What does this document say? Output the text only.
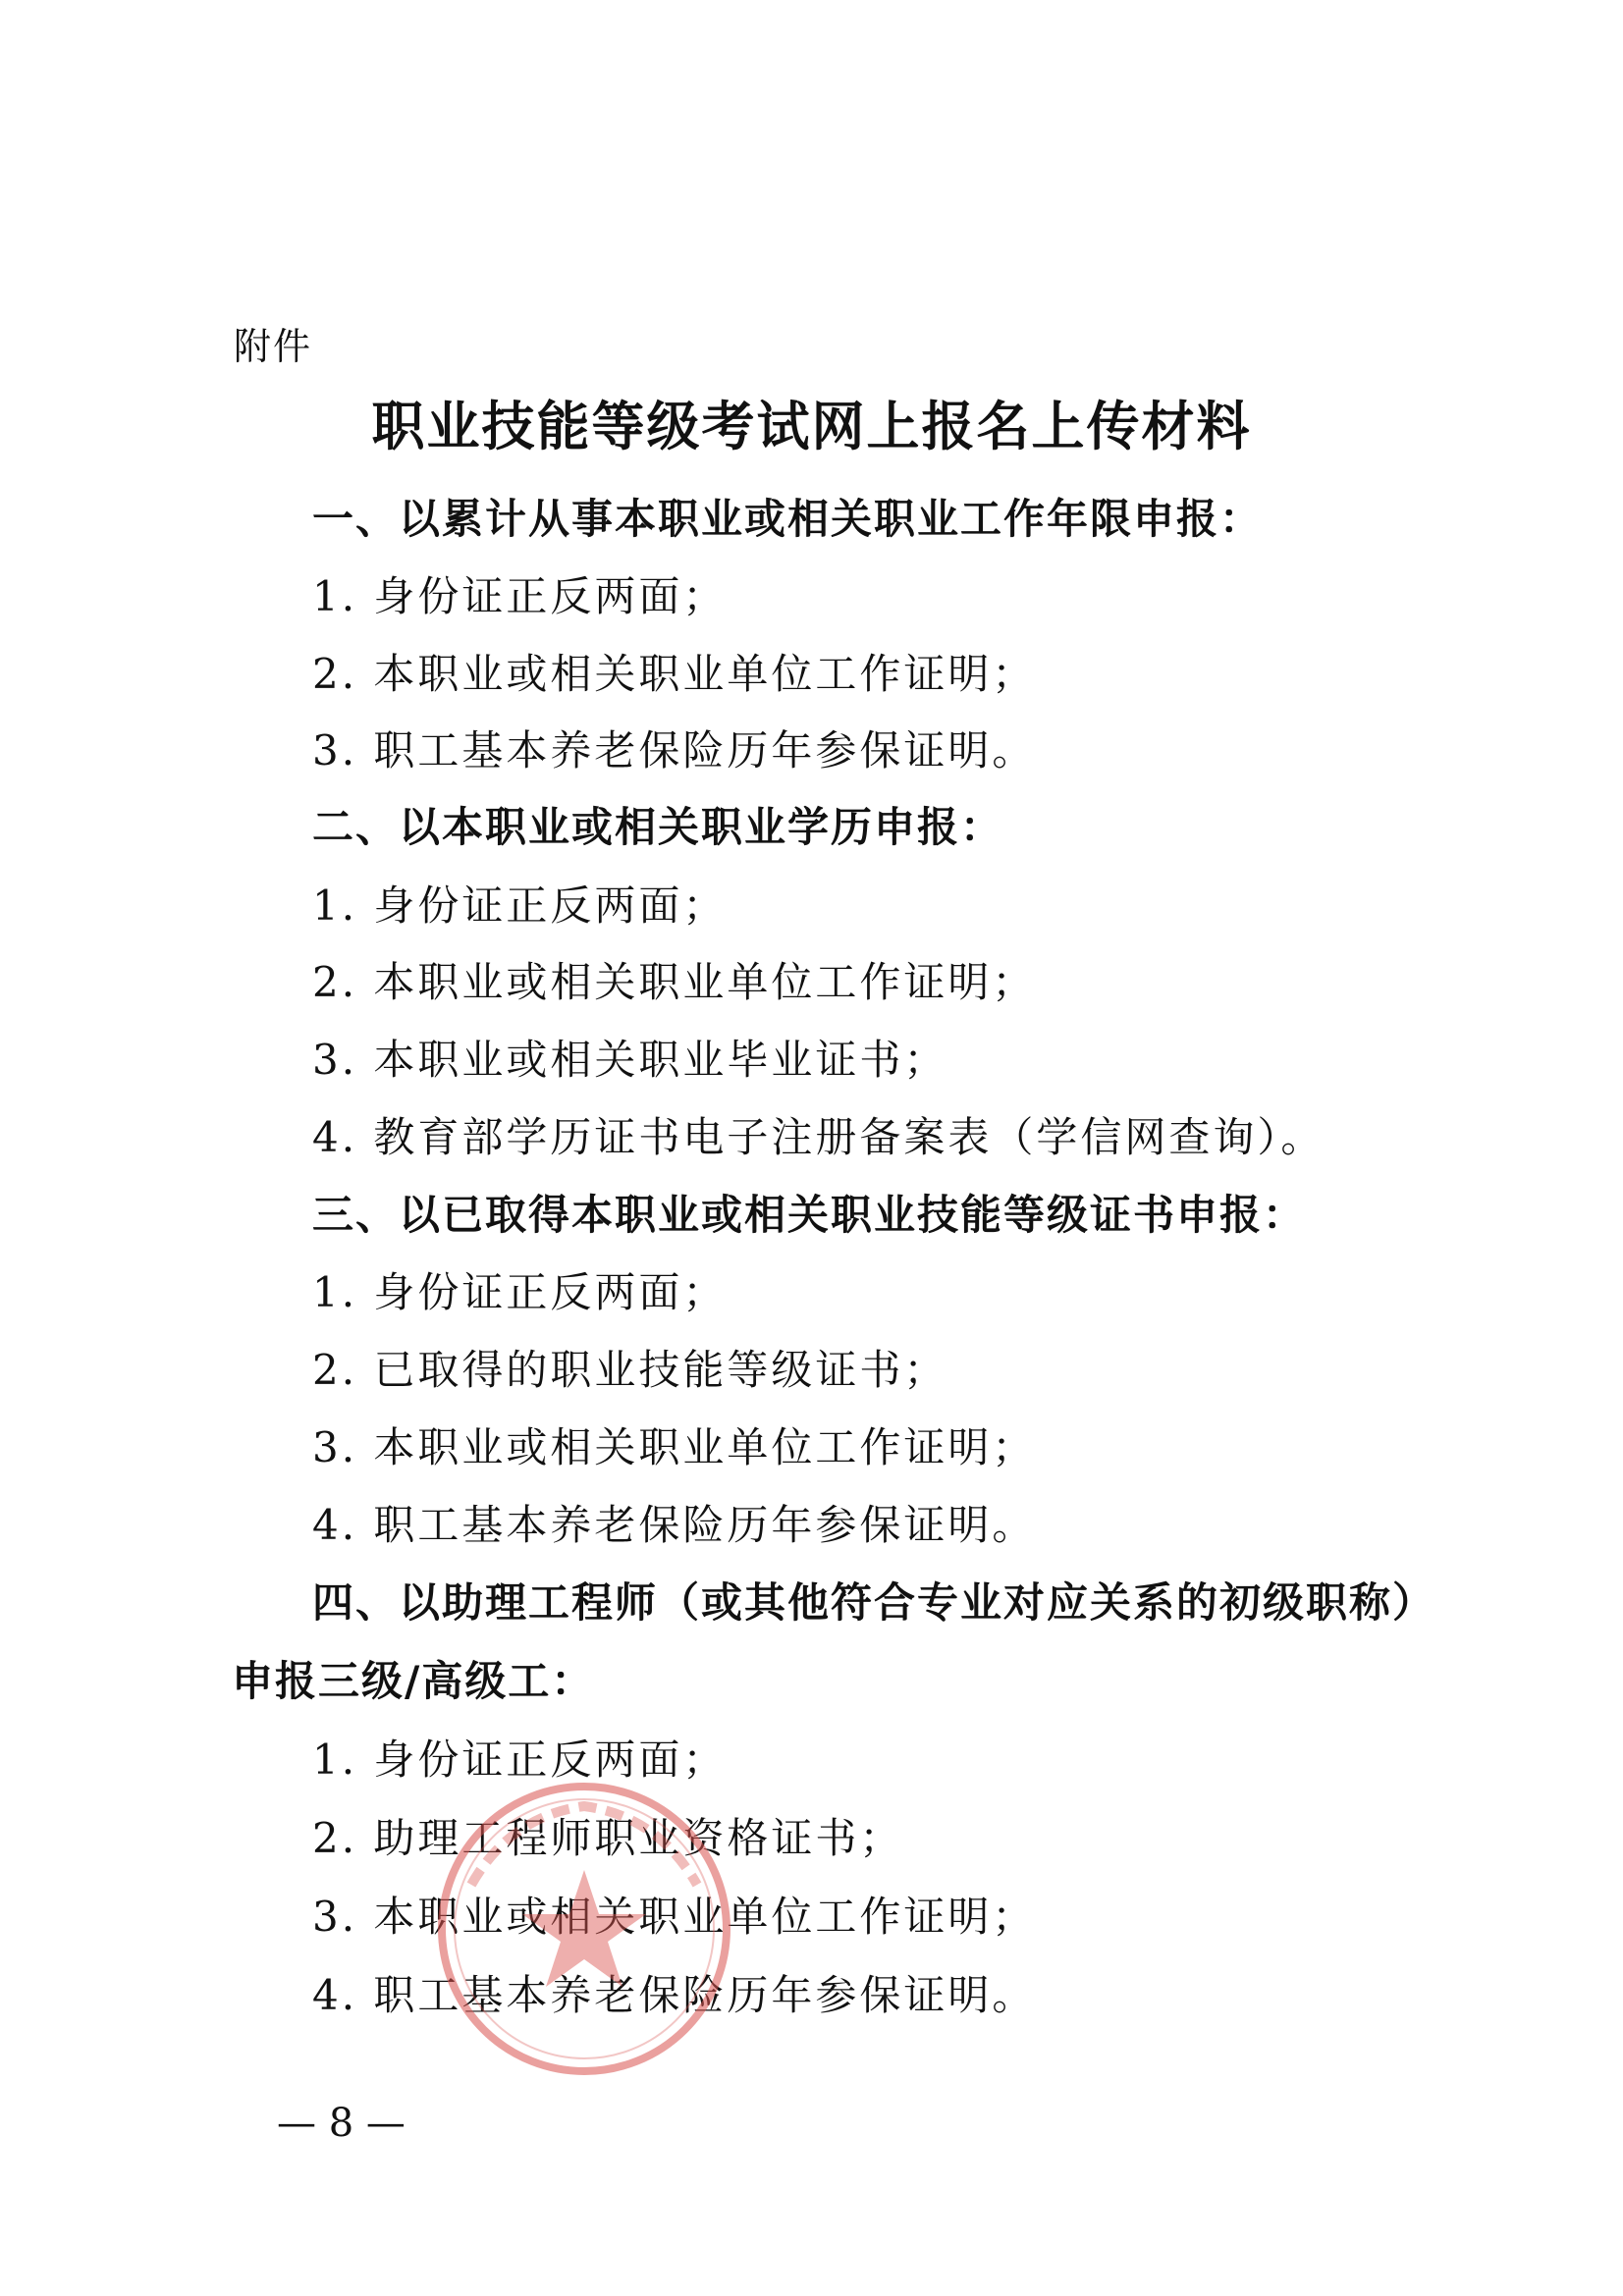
附件
职业技能等级考试网上报名上传材料
一、以累计从事本职业或相关职业工作年限申报：
1. 身份证正反两面；
2. 本职业或相关职业单位工作证明；
3. 职工基本养老保险历年参保证明。
二、以本职业或相关职业学历申报：
1. 身份证正反两面；
2. 本职业或相关职业单位工作证明；
3. 本职业或相关职业毕业证书；
4. 教育部学历证书电子注册备案表（学信网查询）。
三、以已取得本职业或相关职业技能等级证书申报：
1. 身份证正反两面；
2. 已取得的职业技能等级证书；
3. 本职业或相关职业单位工作证明；
4. 职工基本养老保险历年参保证明。
四、以助理工程师（或其他符合专业对应关系的初级职称）
申报三级/高级工：
1. 身份证正反两面；
2. 助理工程师职业资格证书；
3. 本职业或相关职业单位工作证明；
4. 职工基本养老保险历年参保证明。
— 8 —
